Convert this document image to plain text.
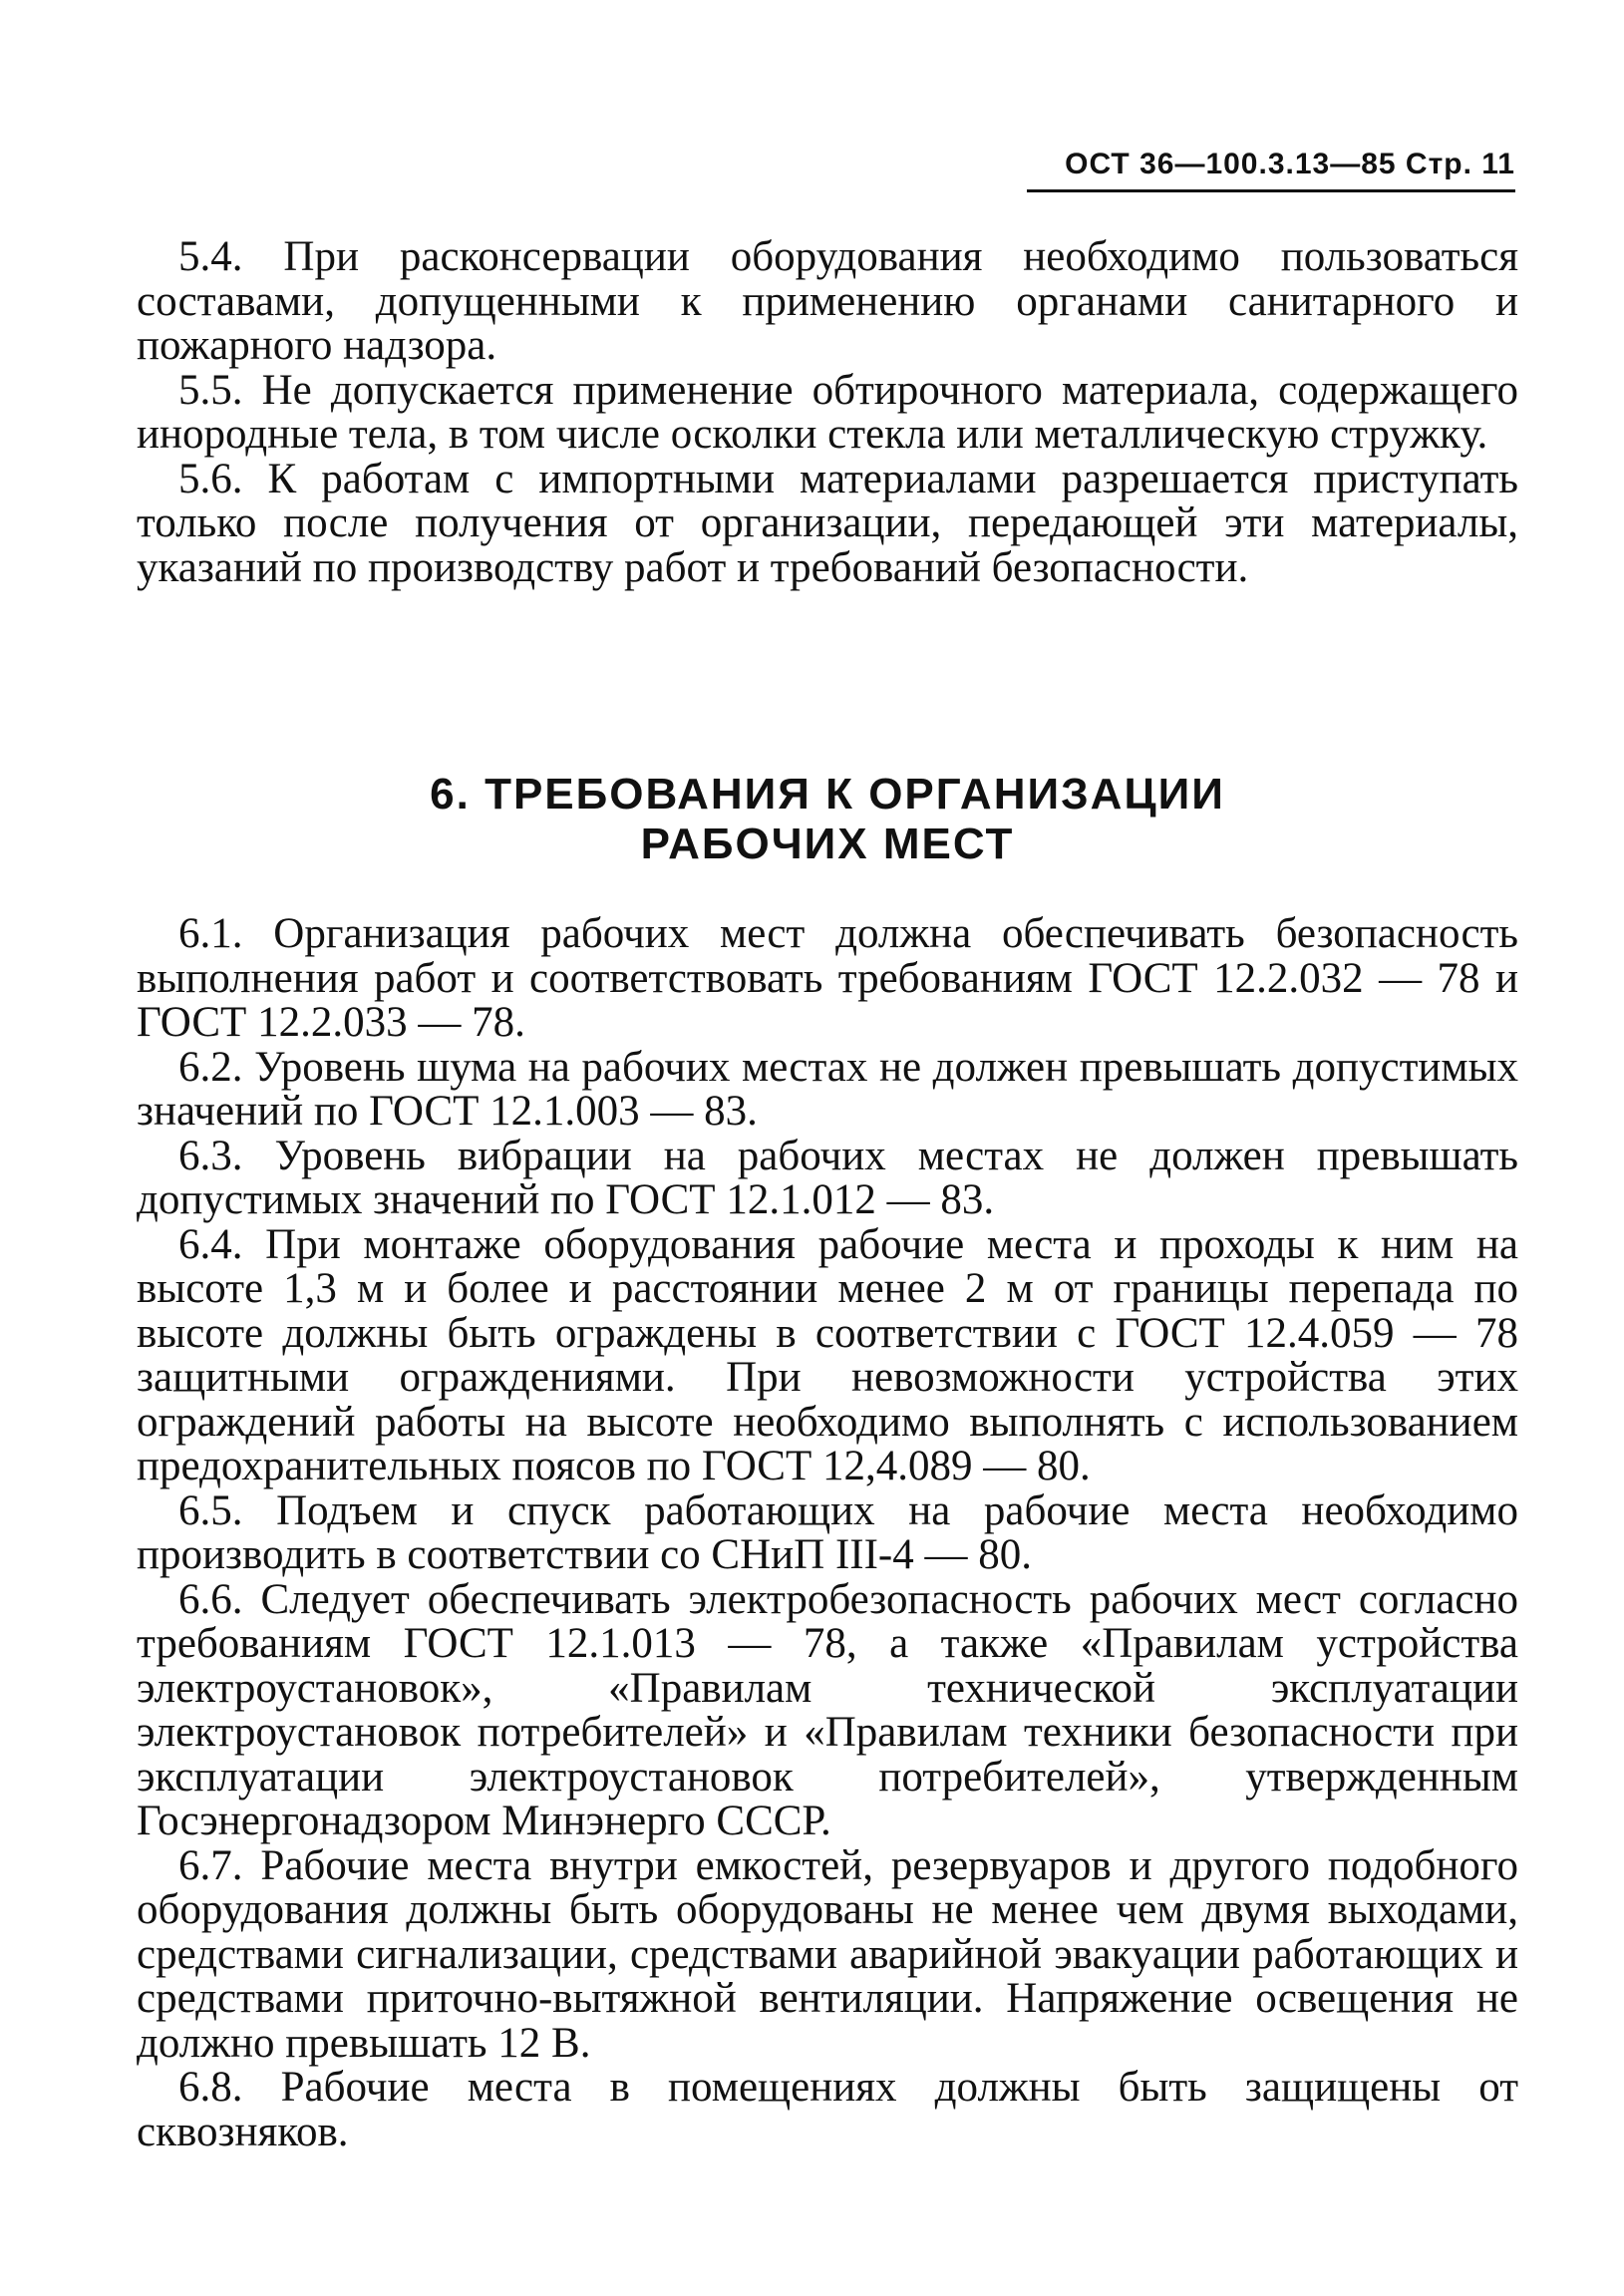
ОСТ 36—100.3.13—85 Стр. 11

5.4. При расконсервации оборудования необходимо пользоваться составами, допущенными к применению органами санитарного и пожарного надзора.

5.5. Не допускается применение обтирочного материала, содержащего инородные тела, в том числе осколки стекла или металлическую стружку.

5.6. К работам с импортными материалами разрешается приступать только после получения от организации, передающей эти материалы, указаний по производству работ и требований безопасности.

6. ТРЕБОВАНИЯ К ОРГАНИЗАЦИИ
РАБОЧИХ МЕСТ

6.1. Организация рабочих мест должна обеспечивать безопасность выполнения работ и соответствовать требованиям ГОСТ 12.2.032 — 78 и ГОСТ 12.2.033 — 78.

6.2. Уровень шума на рабочих местах не должен превышать допустимых значений по ГОСТ 12.1.003 — 83.

6.3. Уровень вибрации на рабочих местах не должен превышать допустимых значений по ГОСТ 12.1.012 — 83.

6.4. При монтаже оборудования рабочие места и проходы к ним на высоте 1,3 м и более и расстоянии менее 2 м от границы перепада по высоте должны быть ограждены в соответствии с ГОСТ 12.4.059 — 78 защитными ограждениями. При невозможности устройства этих ограждений работы на высоте необходимо выполнять с использованием предохранительных поясов по ГОСТ 12,4.089 — 80.

6.5. Подъем и спуск работающих на рабочие места необходимо производить в соответствии со СНиП III-4 — 80.

6.6. Следует обеспечивать электробезопасность рабочих мест согласно требованиям ГОСТ 12.1.013 — 78, а также «Правилам устройства электроустановок», «Правилам технической эксплуатации электроустановок потребителей» и «Правилам техники безопасности при эксплуатации электроустановок потребителей», утвержденным Госэнергонадзором Минэнерго СССР.

6.7. Рабочие места внутри емкостей, резервуаров и другого подобного оборудования должны быть оборудованы не менее чем двумя выходами, средствами сигнализации, средствами аварийной эвакуации работающих и средствами приточно-вытяжной вентиляции. Напряжение освещения не должно превышать 12 В.

6.8. Рабочие места в помещениях должны быть защищены от сквозняков.
